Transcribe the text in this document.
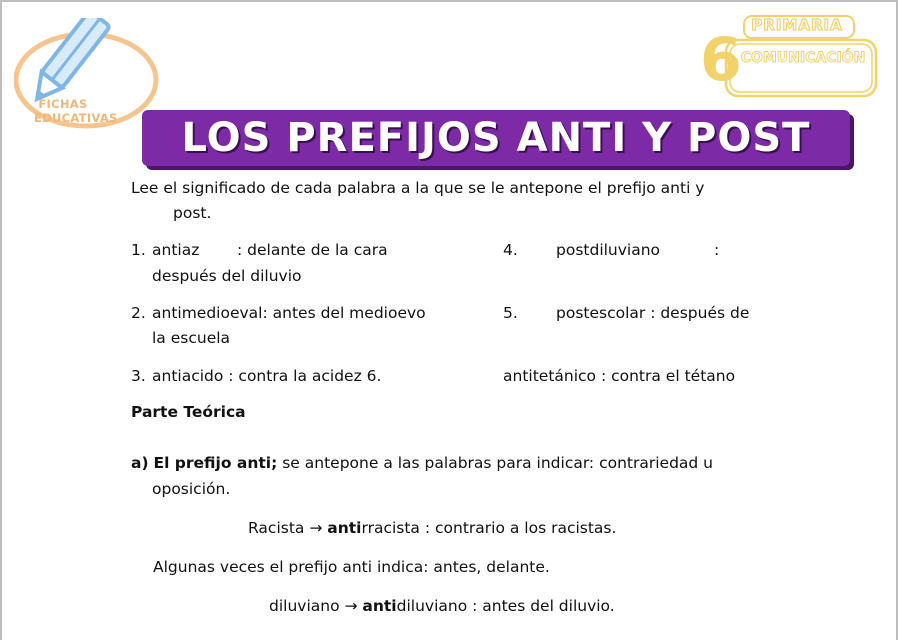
FICHAS
EDUCATIVAS
PRIMARIA
6
COMUNICACIÓN
LOS PREFIJOS ANTI Y POST
Lee el significado de cada palabra a la que se le antepone el prefijo anti y
post.
1. antiaz : delante de la cara	4. postdiluviano	:
después del diluvio
2. antimedioeval: antes del medioevo	5. postescolar : después de
la escuela
3. antiacido : contra la acidez 6.	antitetánico : contra el tétano
Parte Teórica
a) El prefijo anti; se antepone a las palabras para indicar: contrariedad u
oposición.
Racista → antirracista : contrario a los racistas.
Algunas veces el prefijo anti indica: antes, delante.
diluviano → antidiluviano : antes del diluvio.
